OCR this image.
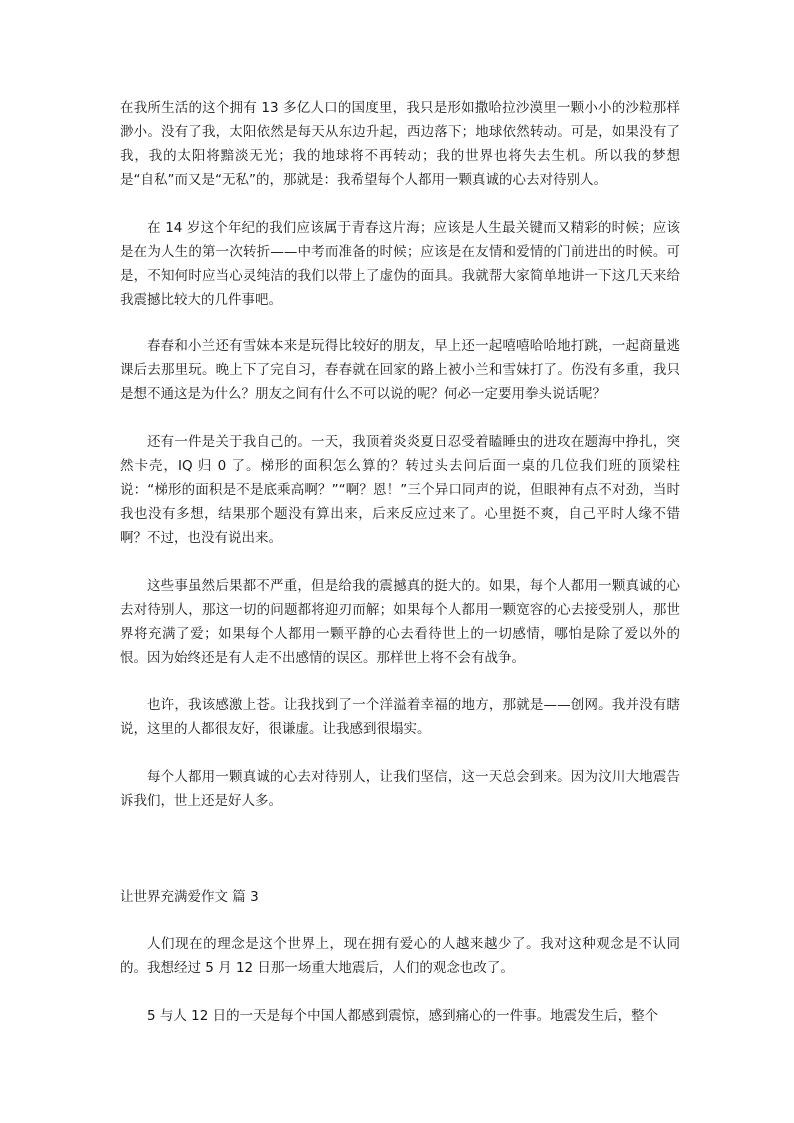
在我所生活的这个拥有 13 多亿人口的国度里，我只是形如撒哈拉沙漠里一颗小小的沙粒那样渺小。没有了我，太阳依然是每天从东边升起，西边落下；地球依然转动。可是，如果没有了我，我的太阳将黯淡无光；我的地球将不再转动；我的世界也将失去生机。所以我的梦想是“自私”而又是“无私”的，那就是：我希望每个人都用一颗真诚的心去对待别人。

在 14 岁这个年纪的我们应该属于青春这片海；应该是人生最关键而又精彩的时候；应该是在为人生的第一次转折——中考而准备的时候；应该是在友情和爱情的门前进出的时候。可是，不知何时应当心灵纯洁的我们以带上了虚伪的面具。我就帮大家简单地讲一下这几天来给我震撼比较大的几件事吧。

春春和小兰还有雪妹本来是玩得比较好的朋友，早上还一起嘻嘻哈哈地打跳，一起商量逃课后去那里玩。晚上下了完自习，春春就在回家的路上被小兰和雪妹打了。伤没有多重，我只是想不通这是为什么？朋友之间有什么不可以说的呢？何必一定要用拳头说话呢？

还有一件是关于我自己的。一天，我顶着炎炎夏日忍受着瞌睡虫的进攻在题海中挣扎，突然卡壳，IQ 归 0 了。梯形的面积怎么算的？转过头去问后面一桌的几位我们班的顶梁柱说：“梯形的面积是不是底乘高啊？”“啊？恩！”三个异口同声的说，但眼神有点不对劲，当时我也没有多想，结果那个题没有算出来，后来反应过来了。心里挺不爽，自己平时人缘不错啊？不过，也没有说出来。

这些事虽然后果都不严重，但是给我的震撼真的挺大的。如果，每个人都用一颗真诚的心去对待别人，那这一切的问题都将迎刃而解；如果每个人都用一颗宽容的心去接受别人，那世界将充满了爱；如果每个人都用一颗平静的心去看待世上的一切感情，哪怕是除了爱以外的恨。因为始终还是有人走不出感情的误区。那样世上将不会有战争。

也许，我该感激上苍。让我找到了一个洋溢着幸福的地方，那就是——创网。我并没有瞎说，这里的人都很友好，很谦虚。让我感到很塌实。

每个人都用一颗真诚的心去对待别人，让我们坚信，这一天总会到来。因为汶川大地震告诉我们，世上还是好人多。

让世界充满爱作文 篇 3

人们现在的理念是这个世界上，现在拥有爱心的人越来越少了。我对这种观念是不认同的。我想经过 5 月 12 日那一场重大地震后，人们的观念也改了。

5 与人 12 日的一天是每个中国人都感到震惊，感到痛心的一件事。地震发生后，整个
